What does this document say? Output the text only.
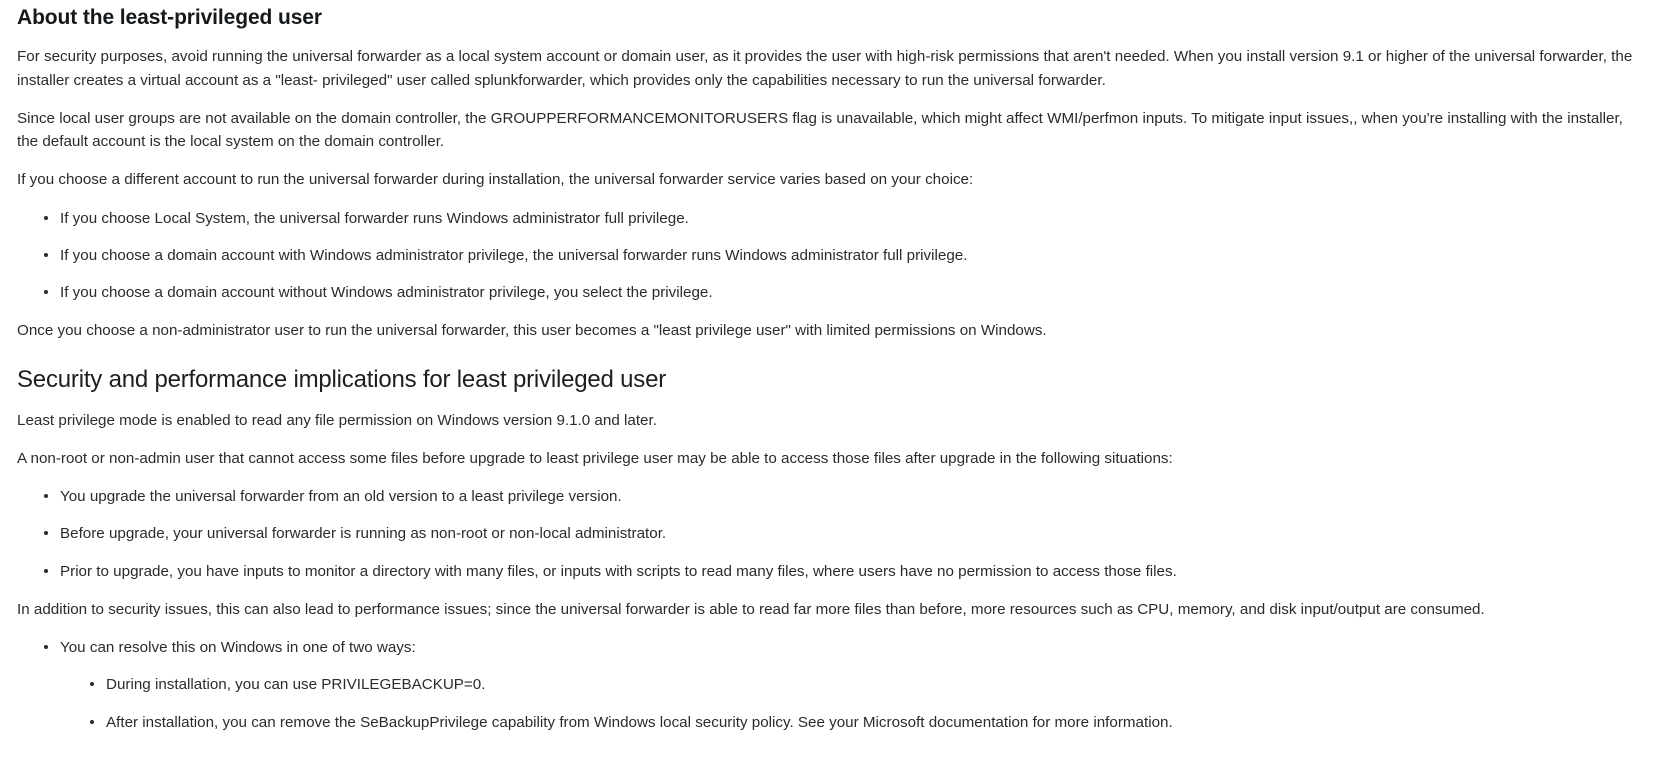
About the least-privileged user

For security purposes, avoid running the universal forwarder as a local system account or domain user, as it provides the user with high-risk permissions that aren't needed. When you install version 9.1 or higher of the universal forwarder, the installer creates a virtual account as a "least- privileged" user called splunkforwarder, which provides only the capabilities necessary to run the universal forwarder.

Since local user groups are not available on the domain controller, the GROUPPERFORMANCEMONITORUSERS flag is unavailable, which might affect WMI/perfmon inputs. To mitigate input issues,, when you're installing with the installer, the default account is the local system on the domain controller.

If you choose a different account to run the universal forwarder during installation, the universal forwarder service varies based on your choice:

If you choose Local System, the universal forwarder runs Windows administrator full privilege.
If you choose a domain account with Windows administrator privilege, the universal forwarder runs Windows administrator full privilege.
If you choose a domain account without Windows administrator privilege, you select the privilege.

Once you choose a non-administrator user to run the universal forwarder, this user becomes a "least privilege user" with limited permissions on Windows.

Security and performance implications for least privileged user

Least privilege mode is enabled to read any file permission on Windows version 9.1.0 and later.

A non-root or non-admin user that cannot access some files before upgrade to least privilege user may be able to access those files after upgrade in the following situations:

You upgrade the universal forwarder from an old version to a least privilege version.
Before upgrade, your universal forwarder is running as non-root or non-local administrator.
Prior to upgrade, you have inputs to monitor a directory with many files, or inputs with scripts to read many files, where users have no permission to access those files.

In addition to security issues, this can also lead to performance issues; since the universal forwarder is able to read far more files than before, more resources such as CPU, memory, and disk input/output are consumed.

You can resolve this on Windows in one of two ways:
During installation, you can use PRIVILEGEBACKUP=0.
After installation, you can remove the SeBackupPrivilege capability from Windows local security policy. See your Microsoft documentation for more information.
